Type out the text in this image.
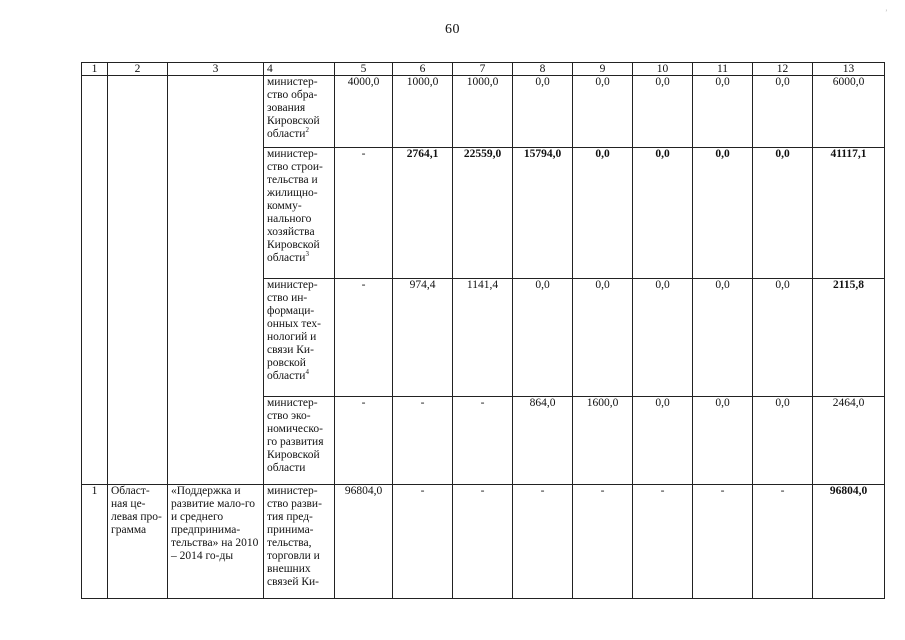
60
’
1	2	3	4	5	6	7	8	9	10	11	12	13
			министер-ство обра-зования Кировской области$^2$	4000,0	1000,0	1000,0	0,0	0,0	0,0	0,0	0,0	6000,0
			министер-ство строи-тельства и жилищно-комму-нального хозяйства Кировской области$^3$	-	2764,1	22559,0	15794,0	0,0	0,0	0,0	0,0	41117,1
			министер-ство ин-формаци-онных тех-нологий и связи Ки-ровской области$^4$	-	974,4	1141,4	0,0	0,0	0,0	0,0	0,0	2115,8
			министер-ство эко-номическо-го развития Кировской области	-	-	-	864,0	1600,0	0,0	0,0	0,0	2464,0
1	Област-ная це-левая про-грамма	«Поддержка и развитие мало-го и среднего предпринима-тельства» на 2010 – 2014 го-ды	министер-ство разви-тия пред-принима-тельства, торговли и внешних связей Ки-	96804,0	-	-	-	-	-	-	-	96804,0
